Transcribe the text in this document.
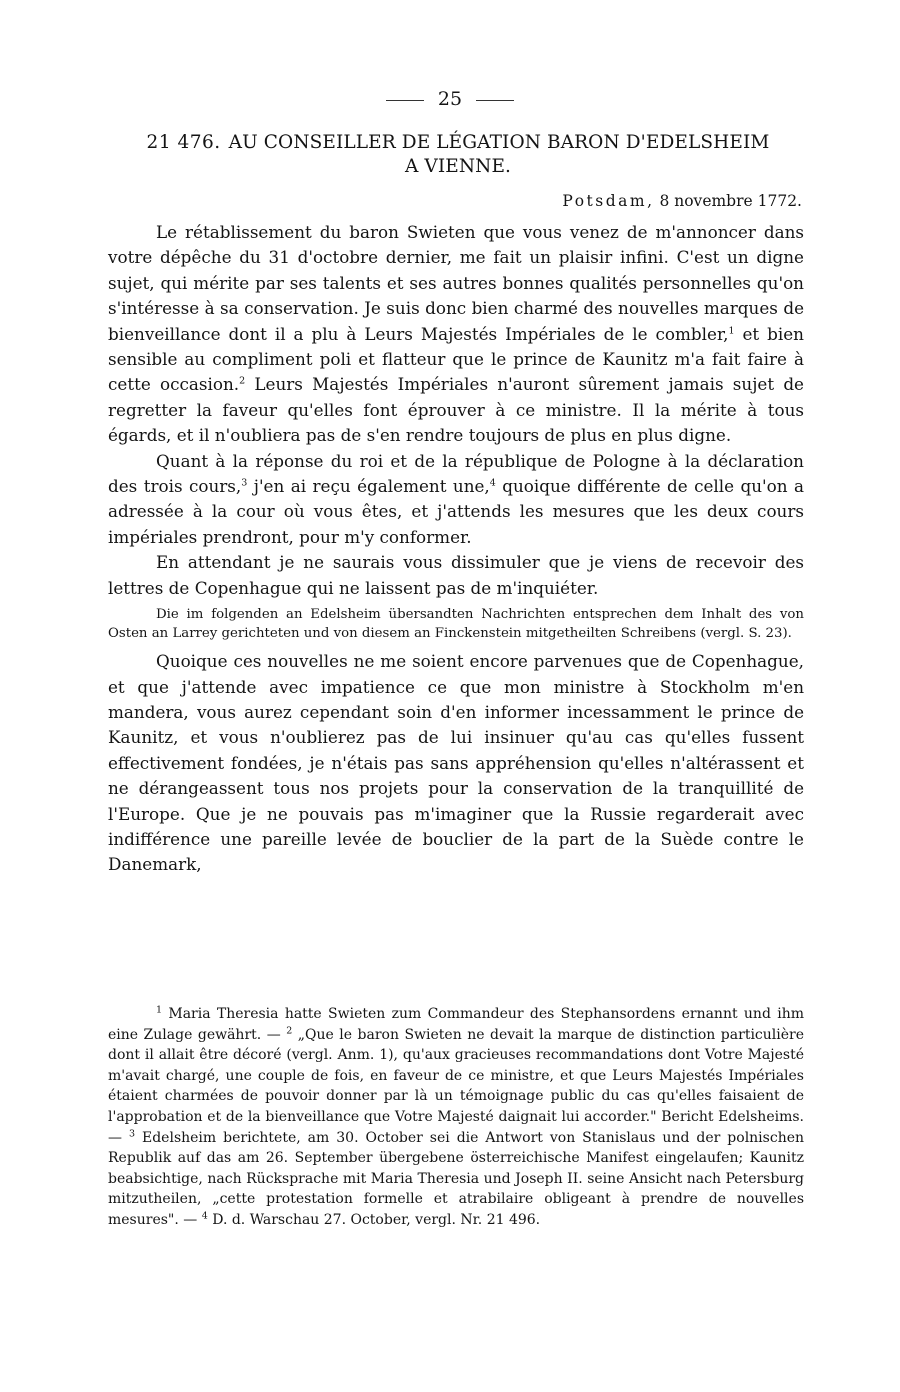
25
21 476. AU CONSEILLER DE LÉGATION BARON D'EDELSHEIM
A VIENNE.
Potsdam, 8 novembre 1772.

Le rétablissement du baron Swieten que vous venez de m'annoncer dans votre dépêche du 31 d'octobre dernier, me fait un plaisir infini. C'est un digne sujet, qui mérite par ses talents et ses autres bonnes qualités personnelles qu'on s'intéresse à sa conservation. Je suis donc bien charmé des nouvelles marques de bienveillance dont il a plu à Leurs Majestés Impériales de le combler,$^1$ et bien sensible au compliment poli et flatteur que le prince de Kaunitz m'a fait faire à cette occasion.$^2$ Leurs Majestés Impériales n'auront sûrement jamais sujet de regretter la faveur qu'elles font éprouver à ce ministre. Il la mérite à tous égards, et il n'oubliera pas de s'en rendre toujours de plus en plus digne.

Quant à la réponse du roi et de la république de Pologne à la déclaration des trois cours,$^3$ j'en ai reçu également une,$^4$ quoique différente de celle qu'on a adressée à la cour où vous êtes, et j'attends les mesures que les deux cours impériales prendront, pour m'y conformer.

En attendant je ne saurais vous dissimuler que je viens de recevoir des lettres de Copenhague qui ne laissent pas de m'inquiéter.

Die im folgenden an Edelsheim übersandten Nachrichten entsprechen dem Inhalt des von Osten an Larrey gerichteten und von diesem an Finckenstein mitgetheilten Schreibens (vergl. S. 23).

Quoique ces nouvelles ne me soient encore parvenues que de Copenhague, et que j'attende avec impatience ce que mon ministre à Stockholm m'en mandera, vous aurez cependant soin d'en informer incessamment le prince de Kaunitz, et vous n'oublierez pas de lui insinuer qu'au cas qu'elles fussent effectivement fondées, je n'étais pas sans appréhension qu'elles n'altérassent et ne dérangeassent tous nos projets pour la conservation de la tranquillité de l'Europe. Que je ne pouvais pas m'imaginer que la Russie regarderait avec indifférence une pareille levée de bouclier de la part de la Suède contre le Danemark,

$^1$ Maria Theresia hatte Swieten zum Commandeur des Stephansordens ernannt und ihm eine Zulage gewährt. — $^2$ „Que le baron Swieten ne devait la marque de distinction particulière dont il allait être décoré (vergl. Anm. 1), qu'aux gracieuses recommandations dont Votre Majesté m'avait chargé, une couple de fois, en faveur de ce ministre, et que Leurs Majestés Impériales étaient charmées de pouvoir donner par là un témoignage public du cas qu'elles faisaient de l'approbation et de la bienveillance que Votre Majesté daignait lui accorder." Bericht Edelsheims. — $^3$ Edelsheim berichtete, am 30. October sei die Antwort von Stanislaus und der polnischen Republik auf das am 26. September übergebene österreichische Manifest eingelaufen; Kaunitz beabsichtige, nach Rücksprache mit Maria Theresia und Joseph II. seine Ansicht nach Petersburg mitzutheilen, „cette protestation formelle et atrabilaire obligeant à prendre de nouvelles mesures". — $^4$ D. d. Warschau 27. October, vergl. Nr. 21 496.
